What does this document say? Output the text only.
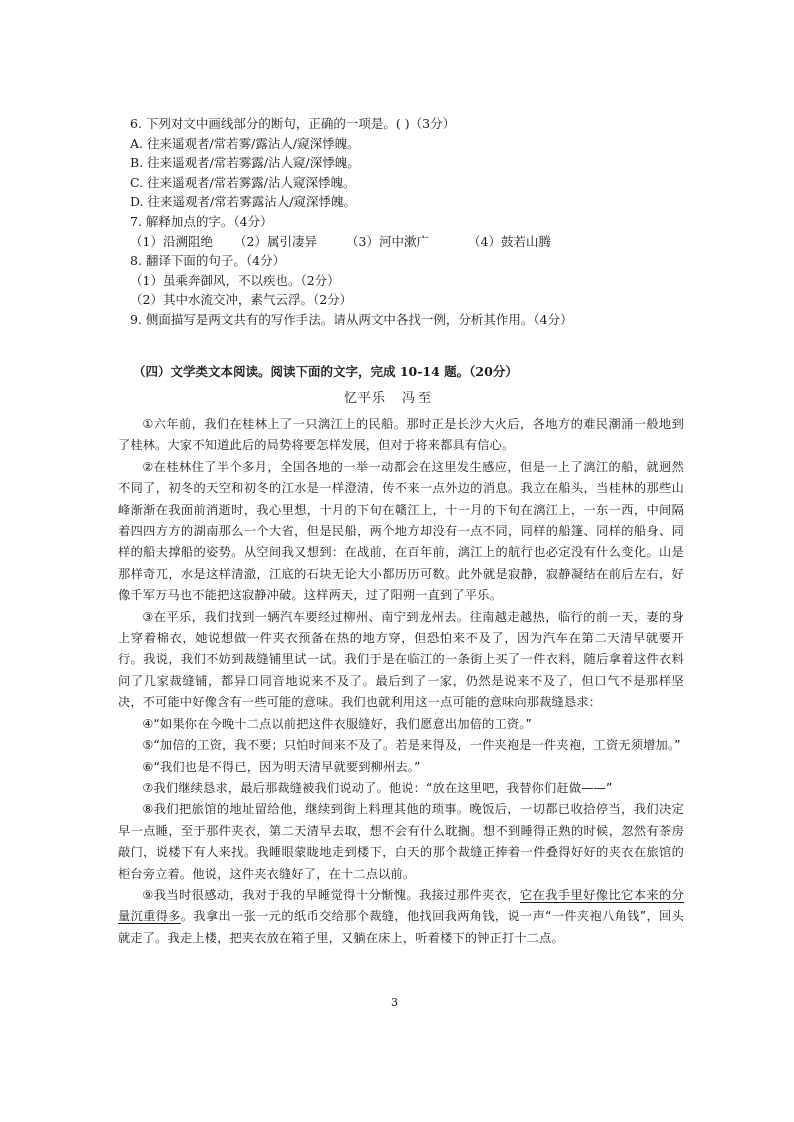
6. 下列对文中画线部分的断句，正确的一项是。( )（3分）

A. 往来遥观者/常若雾/露沾人/窥深悸魄。

B. 往来遥观者/常若雾露/沾人窥/深悸魄。

C. 往来遥观者/常若雾露/沾人窥深悸魄。

D. 往来遥观者/常若雾露沾人/窥深悸魄。

7. 解释加点的字。（4分）

（1）沿溯阻绝	（2）属引凄异	（3）河中漱广	（4）鼓若山腾

8. 翻译下面的句子。（4分）

（1）虽乘奔御风，不以疾也。（2分）

（2）其中水流交冲，素气云浮。（2分）

9. 侧面描写是两文共有的写作手法。请从两文中各找一例，分析其作用。（4分）

（四）文学类文本阅读。阅读下面的文字，完成 10-14 题。（20分）
忆平乐 冯至

①六年前，我们在桂林上了一只漓江上的民船。那时正是长沙大火后，各地方的难民潮涌一般地到了桂林。大家不知道此后的局势将要怎样发展，但对于将来都具有信心。

②在桂林住了半个多月，全国各地的一举一动都会在这里发生感应，但是一上了漓江的船，就迥然不同了，初冬的天空和初冬的江水是一样澄清，传不来一点外边的消息。我立在船头，当桂林的那些山峰渐渐在我面前消逝时，我心里想，十月的下旬在赣江上，十一月的下旬在漓江上，一东一西，中间隔着四四方方的湖南那么一个大省，但是民船，两个地方却没有一点不同，同样的船篷、同样的船身、同样的船夫撑船的姿势。从空间我又想到：在战前，在百年前，漓江上的航行也必定没有什么变化。山是那样奇兀，水是这样清澈，江底的石块无论大小都历历可数。此外就是寂静，寂静凝结在前后左右，好像千军万马也不能把这寂静冲破。这样两天，过了阳朔一直到了平乐。

③在平乐，我们找到一辆汽车要经过柳州、南宁到龙州去。往南越走越热，临行的前一天，妻的身上穿着棉衣，她说想做一件夹衣预备在热的地方穿，但恐怕来不及了，因为汽车在第二天清早就要开行。我说，我们不妨到裁缝铺里试一试。我们于是在临江的一条街上买了一件衣料，随后拿着这件衣料问了几家裁缝铺，都异口同音地说来不及了。最后到了一家，仍然是说来不及了，但口气不是那样坚决，不可能中好像含有一些可能的意味。我们也就利用这一点可能的意味向那裁缝恳求：

④“如果你在今晚十二点以前把这件衣服缝好，我们愿意出加倍的工资。”

⑤“加倍的工资，我不要；只怕时间来不及了。若是来得及，一件夹袍是一件夹袍，工资无须增加。”

⑥“我们也是不得已，因为明天清早就要到柳州去。”

⑦我们继续恳求，最后那裁缝被我们说动了。他说：“放在这里吧，我替你们赶做——”

⑧我们把旅馆的地址留给他，继续到街上料理其他的琐事。晚饭后，一切都已收拾停当，我们决定早一点睡，至于那件夹衣，第二天清早去取，想不会有什么耽搁。想不到睡得正熟的时候，忽然有茶房敲门，说楼下有人来找。我睡眼蒙眬地走到楼下，白天的那个裁缝正捧着一件叠得好好的夹衣在旅馆的柜台旁立着。他说，这件夹衣缝好了，在十二点以前。

⑨我当时很感动，我对于我的早睡觉得十分惭愧。我接过那件夹衣，它在我手里好像比它本来的分量沉重得多。我拿出一张一元的纸币交给那个裁缝，他找回我两角钱，说一声“一件夹袍八角钱”，回头就走了。我走上楼，把夹衣放在箱子里，又躺在床上，听着楼下的钟正打十二点。

3
